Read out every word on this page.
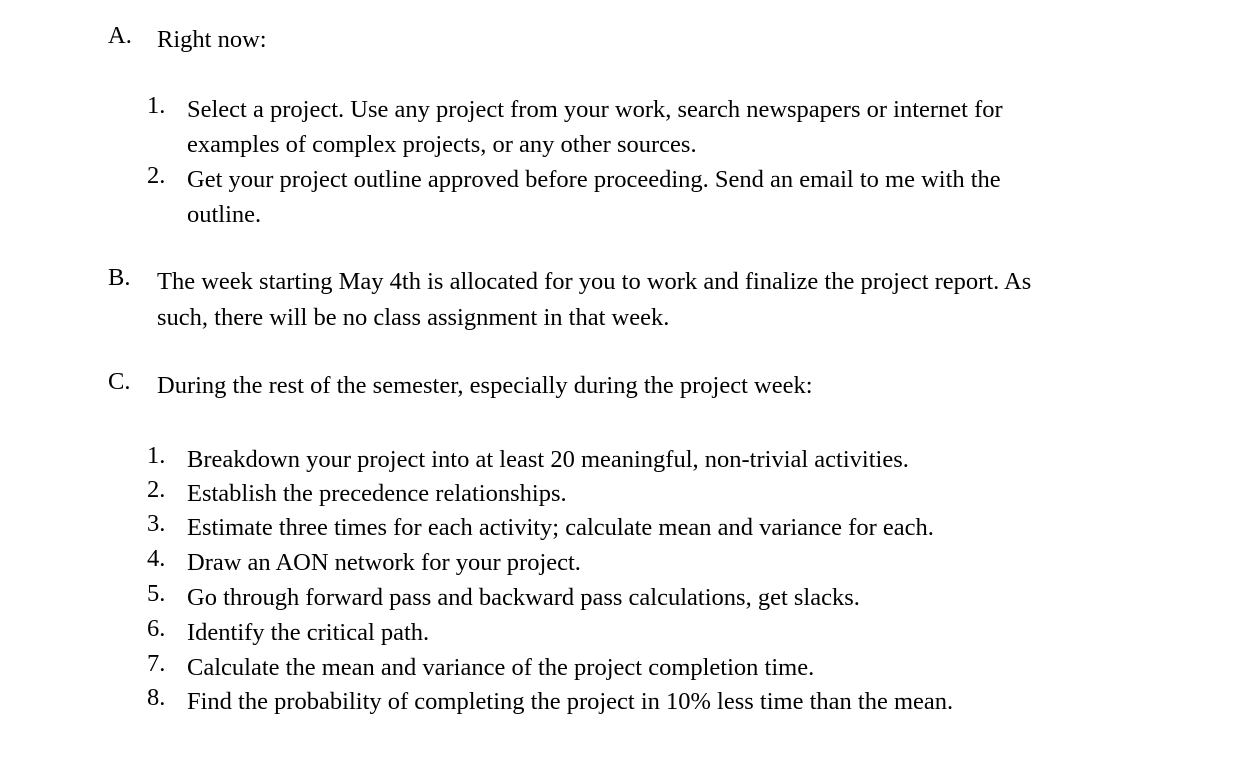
A. Right now:
1. Select a project. Use any project from your work, search newspapers or internet for
examples of complex projects, or any other sources.
2. Get your project outline approved before proceeding. Send an email to me with the
outline.
B. The week starting May 4th is allocated for you to work and finalize the project report. As
such, there will be no class assignment in that week.
C. During the rest of the semester, especially during the project week:
1. Breakdown your project into at least 20 meaningful, non-trivial activities.
2. Establish the precedence relationships.
3. Estimate three times for each activity; calculate mean and variance for each.
4. Draw an AON network for your project.
5. Go through forward pass and backward pass calculations, get slacks.
6. Identify the critical path.
7. Calculate the mean and variance of the project completion time.
8. Find the probability of completing the project in 10% less time than the mean.
